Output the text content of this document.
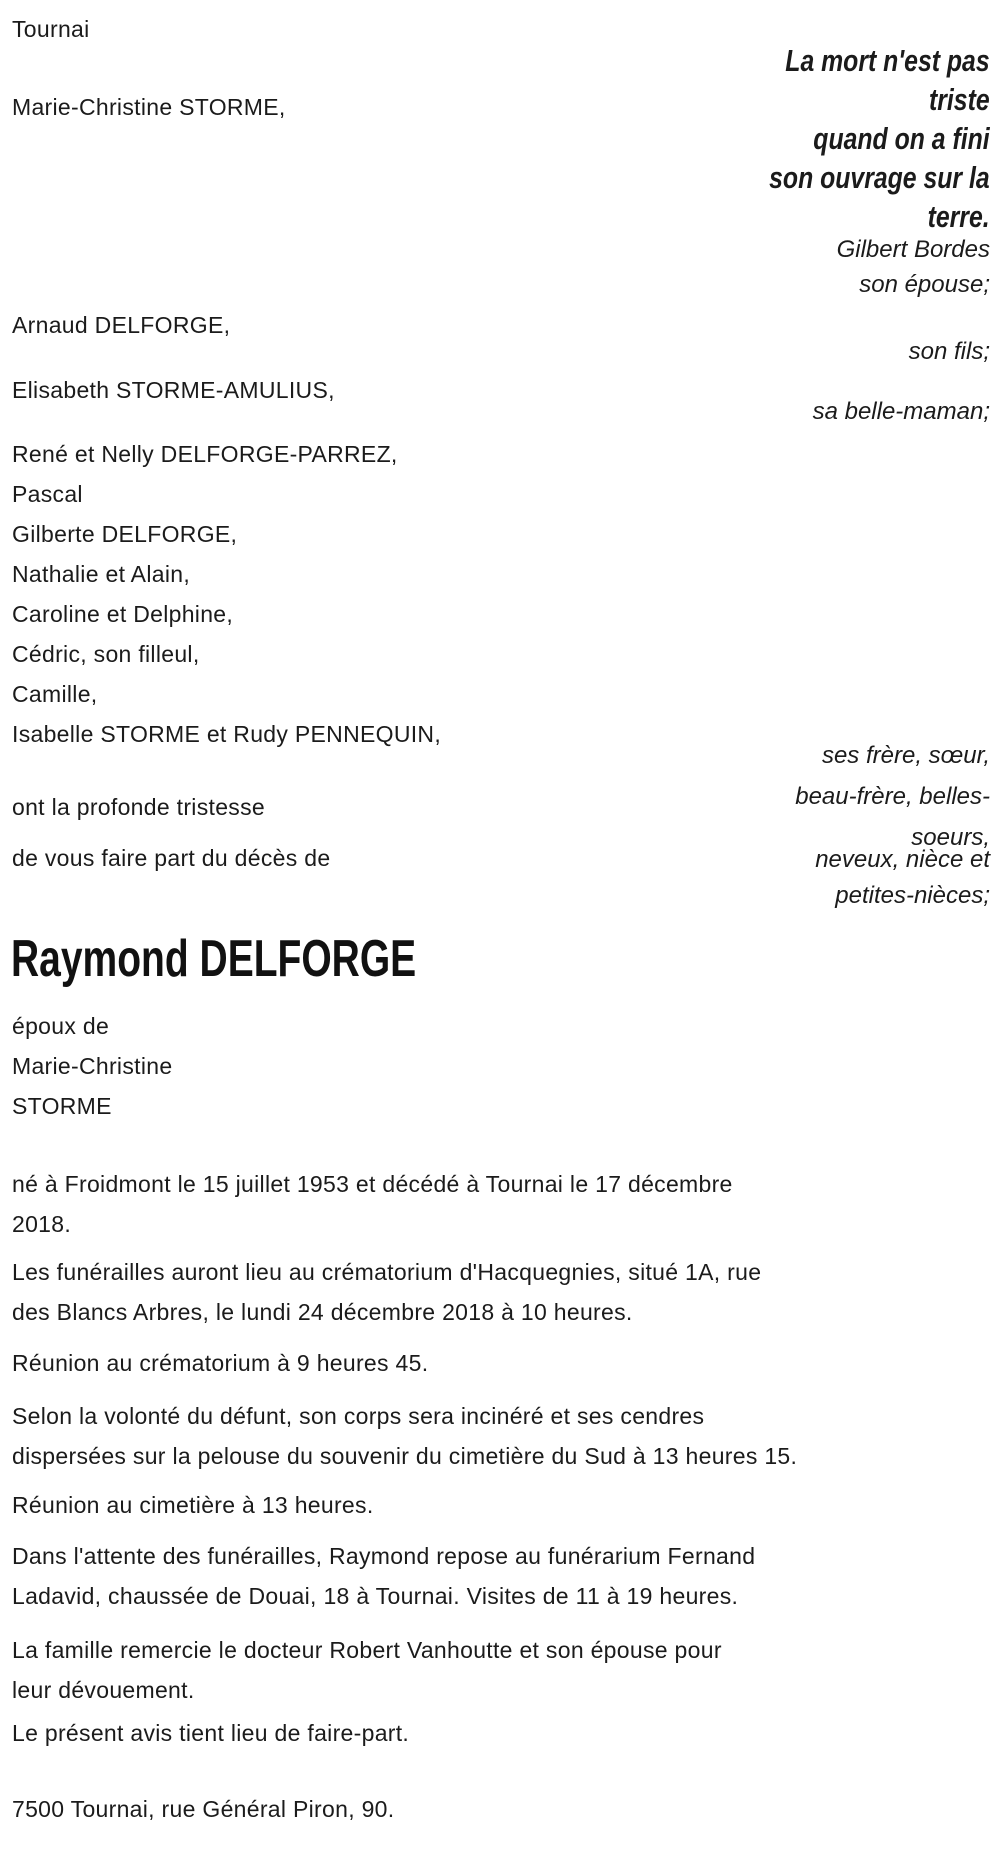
Tournai
La mort n'est pas
triste
quand on a fini
son ouvrage sur la
terre.
Gilbert Bordes
Marie-Christine STORME,
son épouse;
Arnaud DELFORGE,
son fils;
Elisabeth STORME-AMULIUS,
sa belle-maman;
René et Nelly DELFORGE-PARREZ,
Pascal
Gilberte DELFORGE,
Nathalie et Alain,
Caroline et Delphine,
Cédric, son filleul,
Camille,
Isabelle STORME et Rudy PENNEQUIN,
ses frère, sœur,
beau-frère, belles-
soeurs,
neveux, nièce et
petites-nièces;
ont la profonde tristesse
de vous faire part du décès de
Raymond DELFORGE
époux de
Marie-Christine
STORME
né à Froidmont le 15 juillet 1953 et décédé à Tournai le 17 décembre
2018.
Les funérailles auront lieu au crématorium d'Hacquegnies, situé 1A, rue
des Blancs Arbres, le lundi 24 décembre 2018 à 10 heures.
Réunion au crématorium à 9 heures 45.
Selon la volonté du défunt, son corps sera incinéré et ses cendres
dispersées sur la pelouse du souvenir du cimetière du Sud à 13 heures 15.
Réunion au cimetière à 13 heures.
Dans l'attente des funérailles, Raymond repose au funérarium Fernand
Ladavid, chaussée de Douai, 18 à Tournai. Visites de 11 à 19 heures.
La famille remercie le docteur Robert Vanhoutte et son épouse pour
leur dévouement.
Le présent avis tient lieu de faire-part.
7500 Tournai, rue Général Piron, 90.
